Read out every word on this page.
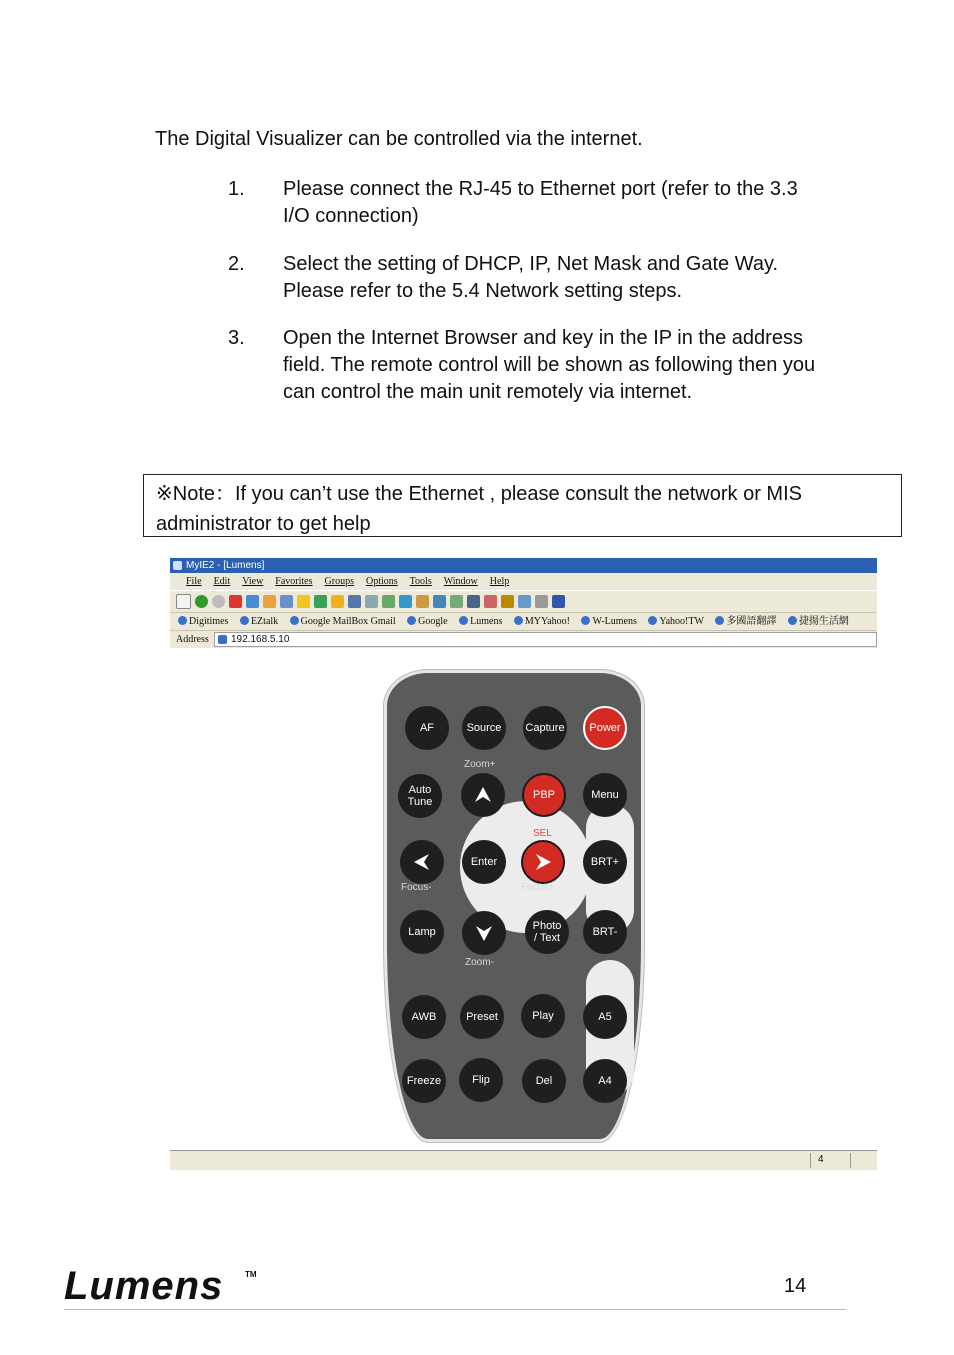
The Digital Visualizer can be controlled via the internet.
1. Please connect the RJ-45 to Ethernet port (refer to the 3.3
I/O connection)
2. Select the setting of DHCP, IP, Net Mask and Gate Way.
Please refer to the 5.4 Network setting steps.
3. Open the Internet Browser and key in the IP in the address
field. The remote control will be shown as following then you
can control the main unit remotely via internet.
※Note：If you can’t use the Ethernet , please consult the network or MIS
administrator to get help
MyIE2 - [Lumens]
File Edit View Favorites Groups Options Tools Window Help
Digitimes EZtalk Google MailBox Gmail Google Lumens MYYahoo! W-Lumens Yahoo!TW 多國語翻譯 捷揚生活網
Address	192.168.5.10
AF	Source	Capture	Power
Zoom+
Auto
Tune
PBP	Menu
SEL
Enter	BRT+
Focus-	Focus+
Lamp	Photo
/ Text	BRT-
Zoom-
AWB	Preset	Play	A5
Freeze	Flip	Del	A4
4
Lumens	TM
14
